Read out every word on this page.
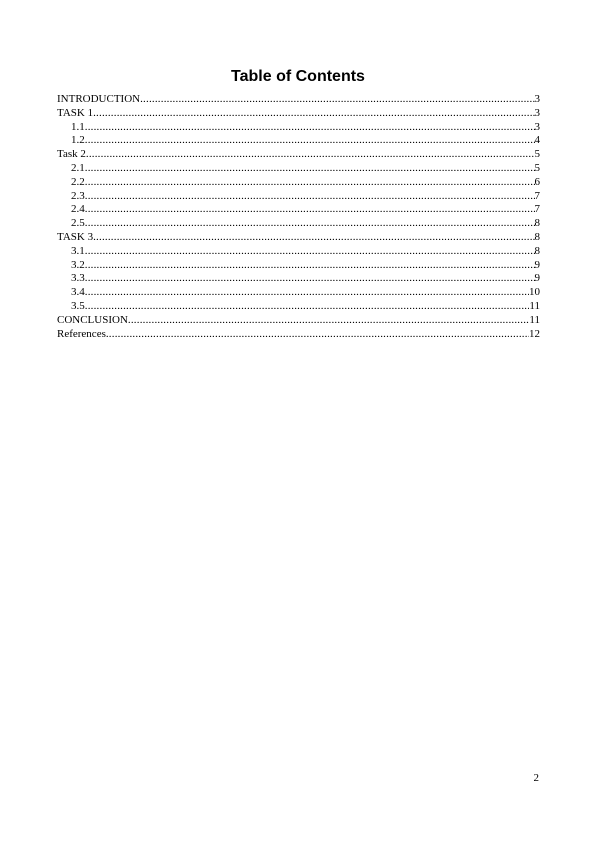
Table of Contents
INTRODUCTION .....	3
TASK 1 .....	3
1.1 .....	3
1.2 .....	4
Task 2 .....	5
2.1 .....	5
2.2 .....	6
2.3 .....	7
2.4 .....	7
2.5 .....	8
TASK 3 .....	8
3.1 .....	8
3.2 .....	9
3.3 .....	9
3.4 .....	10
3.5 .....	11
CONCLUSION .....	11
References .....	12
2
